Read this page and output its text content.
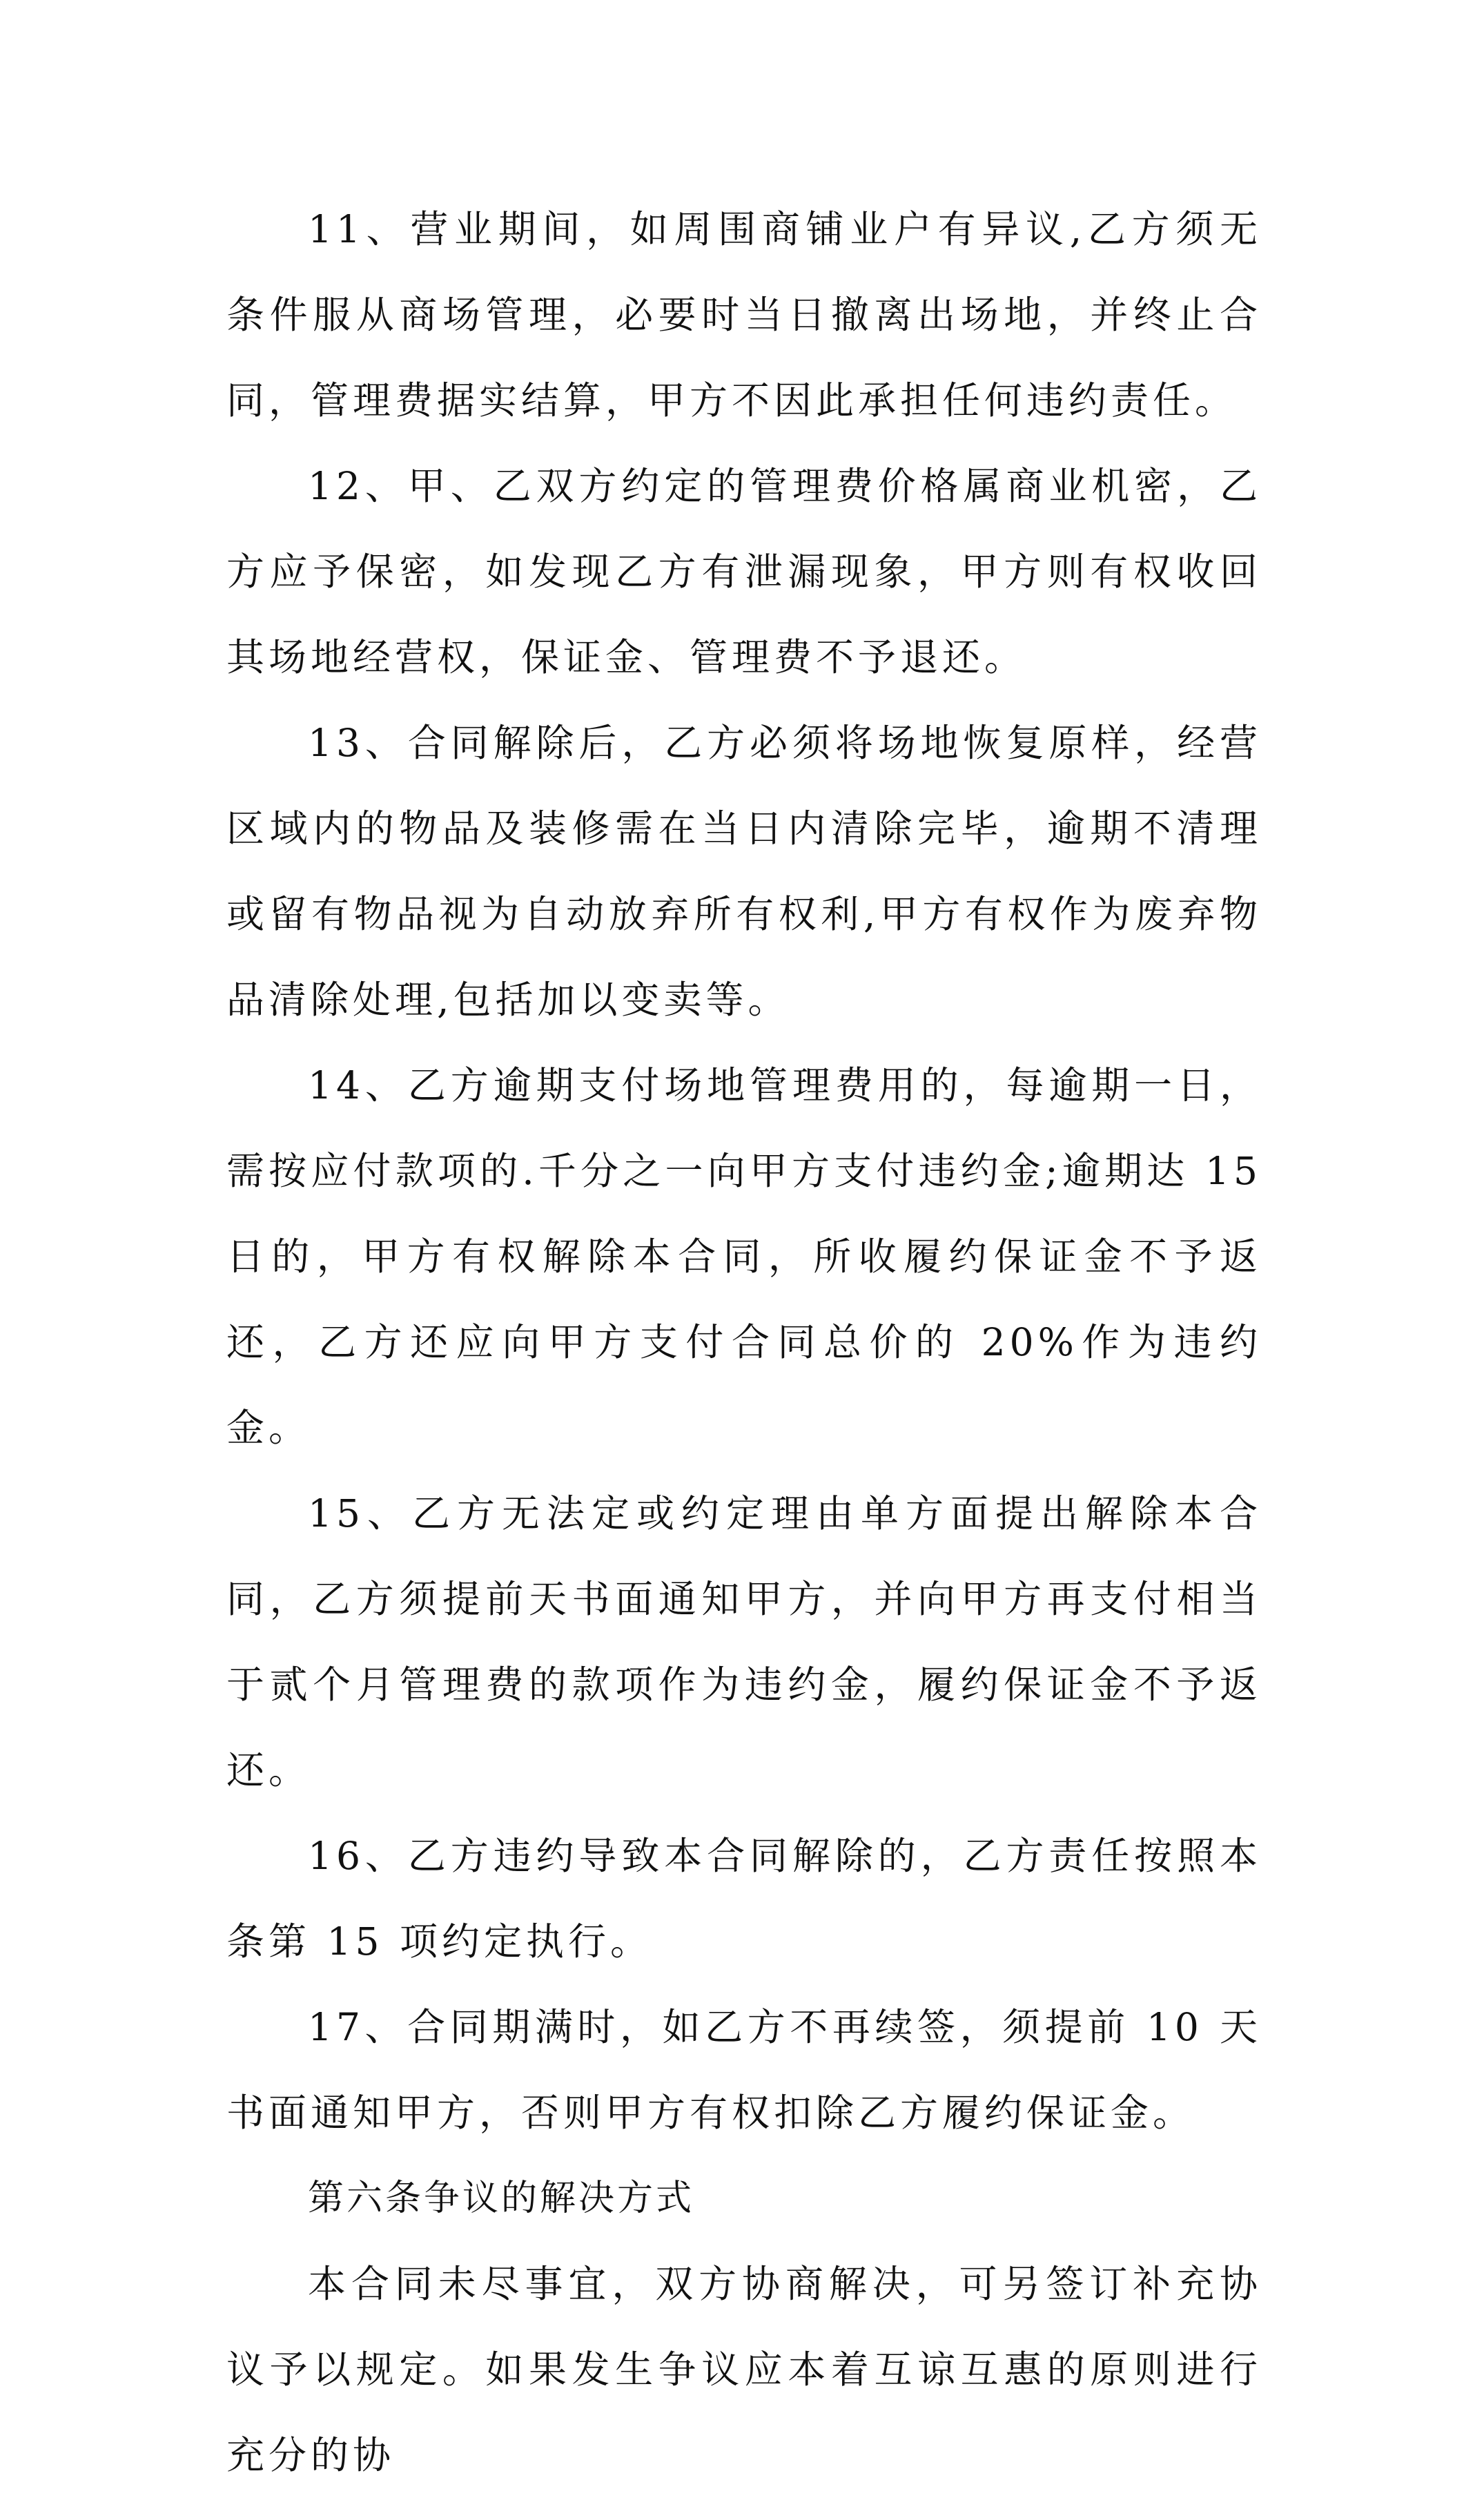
11、营业期间，如周围商铺业户有异议,乙方须无条件服从商场管理，必要时当日撤离出场地，并终止合同，管理费据实结算，甲方不因此承担任何违约责任。

12、甲、乙双方约定的管理费价格属商业机密，乙方应予保密，如发现乙方有泄漏现象，甲方则有权收回其场地经营权，保证金、管理费不予退还。

13、合同解除后，乙方必须将场地恢复原样，经营区域内的物品及装修需在当日内清除完毕，逾期不清理或留有物品视为自动放弃所有权利,甲方有权作为废弃物品清除处理,包括加以变卖等。

14、乙方逾期支付场地管理费用的，每逾期一日，需按应付款项的.千分之一向甲方支付违约金;逾期达 15 日的，甲方有权解除本合同，所收履约保证金不予返还，乙方还应向甲方支付合同总价的 20%作为违约金。

15、乙方无法定或约定理由单方面提出解除本合同，乙方须提前天书面通知甲方，并向甲方再支付相当于贰个月管理费的款项作为违约金，履约保证金不予返还。

16、乙方违约导致本合同解除的，乙方责任按照本条第 15 项约定执行。

17、合同期满时，如乙方不再续签，须提前 10 天书面通知甲方，否则甲方有权扣除乙方履约保证金。

第六条争议的解决方式

本合同未尽事宜，双方协商解决，可另签订补充协议予以规定。如果发生争议应本着互谅互惠的原则进行充分的协
